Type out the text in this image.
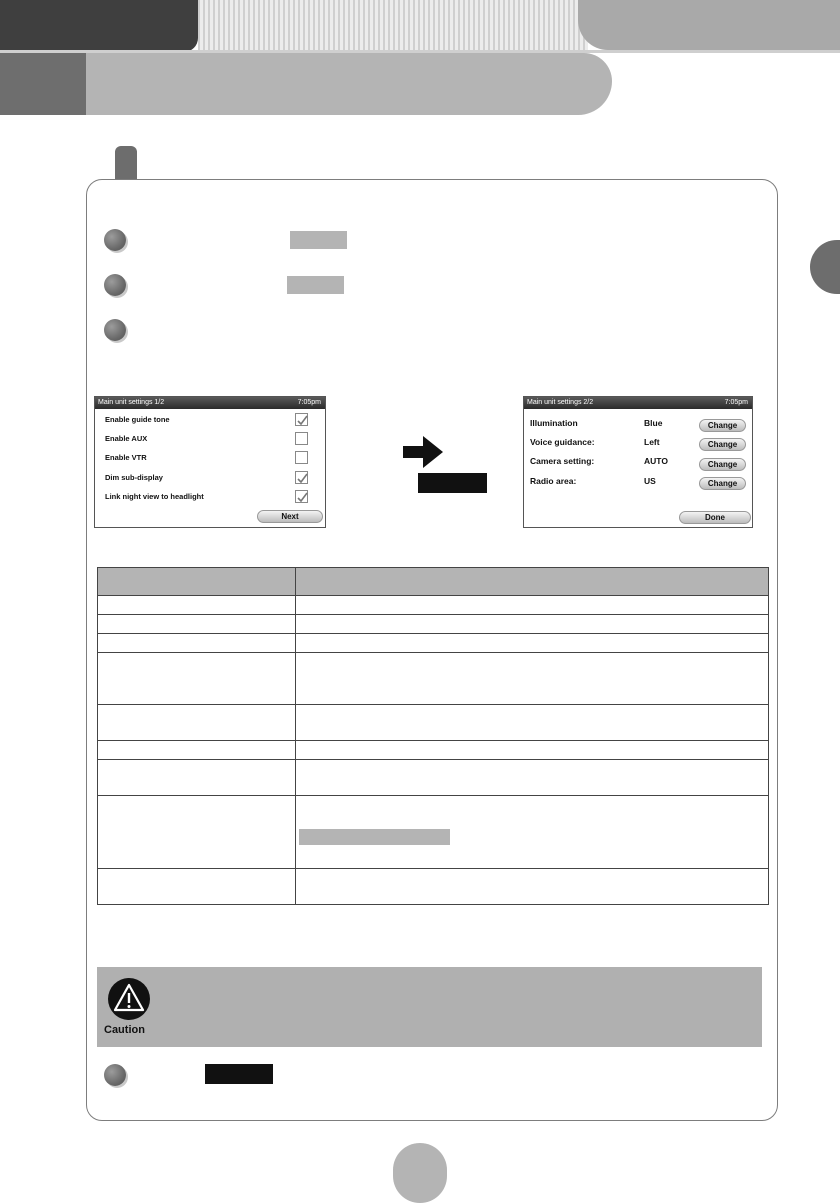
Main unit settings 1/2	7:05pm
Enable guide tone
Enable AUX
Enable VTR
Dim sub-display
Link night view to headlight
Next
Main unit settings 2/2	7:05pm
Illumination	Blue	Change
Voice guidance:	Left	Change
Camera setting:	AUTO	Change
Radio area:	US	Change
Done

Caution
